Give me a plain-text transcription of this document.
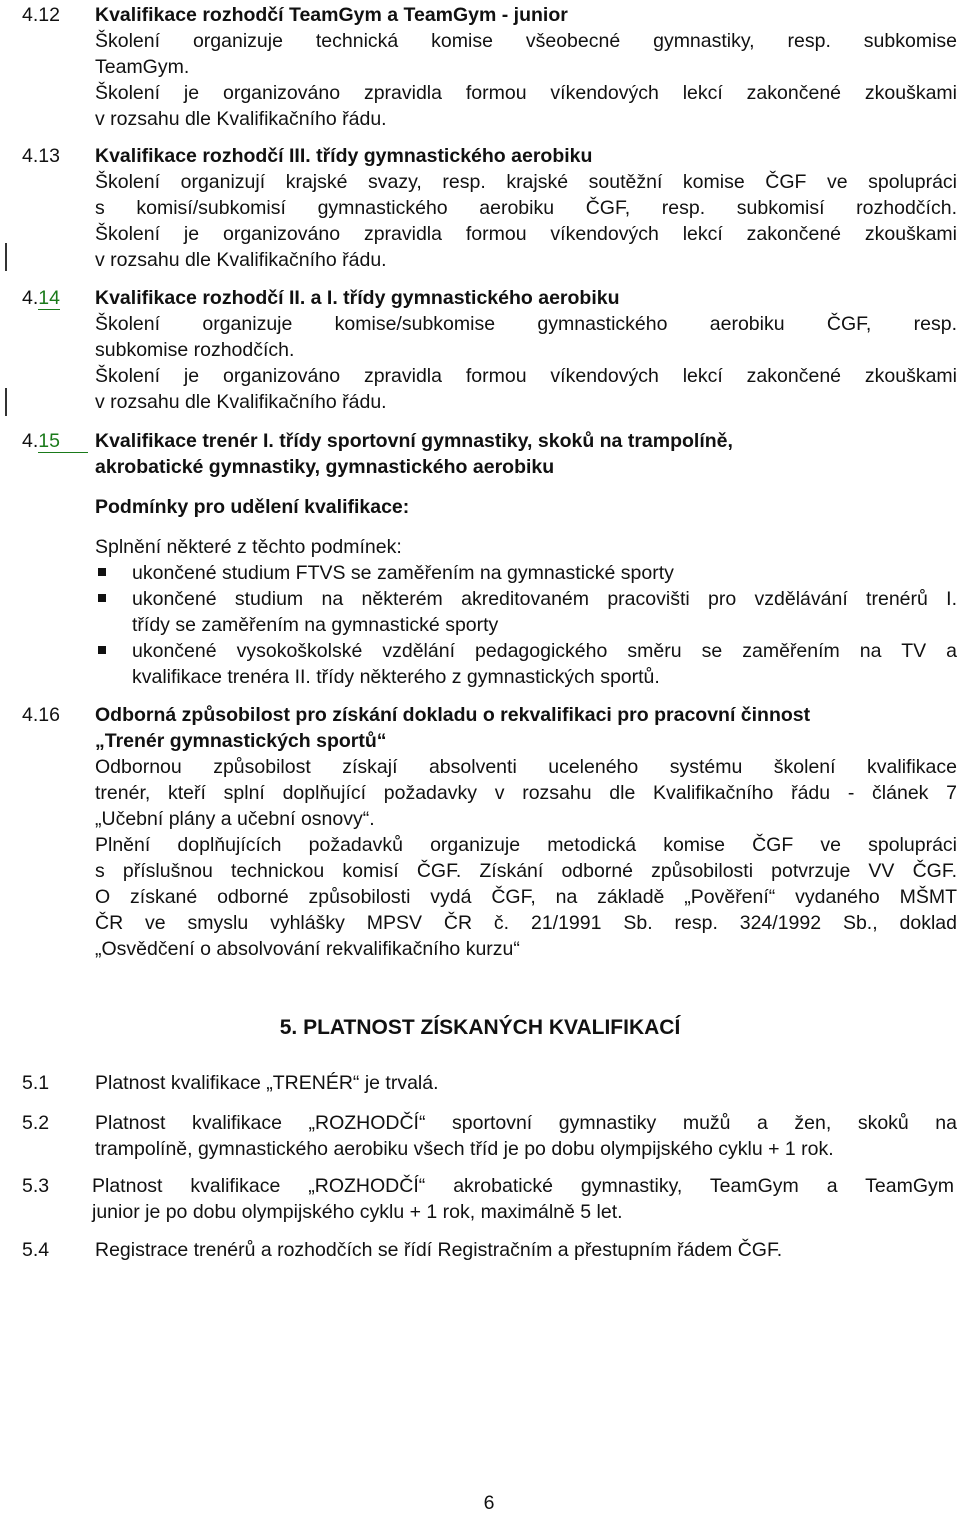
4.12 Kvalifikace rozhodčí TeamGym a TeamGym - junior

Školení organizuje technická komise všeobecné gymnastiky, resp. subkomise

TeamGym.

Školení je organizováno zpravidla formou víkendových lekcí zakončené zkouškami

v rozsahu dle Kvalifikačního řádu.

4.13 Kvalifikace rozhodčí III. třídy gymnastického aerobiku

Školení organizují krajské svazy, resp. krajské soutěžní komise ČGF ve spolupráci

s komisí/subkomisí gymnastického aerobiku ČGF, resp. subkomisí rozhodčích.

Školení je organizováno zpravidla formou víkendových lekcí zakončené zkouškami

v rozsahu dle Kvalifikačního řádu.

4.14 Kvalifikace rozhodčí II. a I. třídy gymnastického aerobiku

Školení organizuje komise/subkomise gymnastického aerobiku ČGF, resp.

subkomise rozhodčích.

Školení je organizováno zpravidla formou víkendových lekcí zakončené zkouškami

v rozsahu dle Kvalifikačního řádu.

4.15	Kvalifikace trenér I. třídy sportovní gymnastiky, skoků na trampolíně,

akrobatické gymnastiky, gymnastického aerobiku

Podmínky pro udělení kvalifikace:

Splnění některé z těchto podmínek:

ukončené studium FTVS se zaměřením na gymnastické sporty

ukončené studium na některém akreditovaném pracovišti pro vzdělávání trenérů I.

třídy se zaměřením na gymnastické sporty

ukončené vysokoškolské vzdělání pedagogického směru se zaměřením na TV a

kvalifikace trenéra II. třídy některého z gymnastických sportů.

4.16 Odborná způsobilost pro získání dokladu o rekvalifikaci pro pracovní činnost

„Trenér gymnastických sportů“

Odbornou způsobilost získají absolventi uceleného systému školení kvalifikace

trenér, kteří splní doplňující požadavky v rozsahu dle Kvalifikačního řádu - článek 7

„Učební plány a učební osnovy“.

Plnění doplňujících požadavků organizuje metodická komise ČGF ve spolupráci

s příslušnou technickou komisí ČGF. Získání odborné způsobilosti potvrzuje VV ČGF.

O získané odborné způsobilosti vydá ČGF, na základě „Pověření“ vydaného MŠMT

ČR ve smyslu vyhlášky MPSV ČR č. 21/1991 Sb. resp. 324/1992 Sb., doklad

„Osvědčení o absolvování rekvalifikačního kurzu“

5. PLATNOST ZÍSKANÝCH KVALIFIKACÍ
5.1 Platnost kvalifikace „TRENÉR“ je trvalá.

5.2 Platnost kvalifikace „ROZHODČÍ“ sportovní gymnastiky mužů a žen, skoků na

trampolíně, gymnastického aerobiku všech tříd je po dobu olympijského cyklu + 1 rok.

5.3 Platnost kvalifikace „ROZHODČÍ“ akrobatické gymnastiky, TeamGym a TeamGym

junior je po dobu olympijského cyklu + 1 rok, maximálně 5 let.

5.4 Registrace trenérů a rozhodčích se řídí Registračním a přestupním řádem ČGF.

6
